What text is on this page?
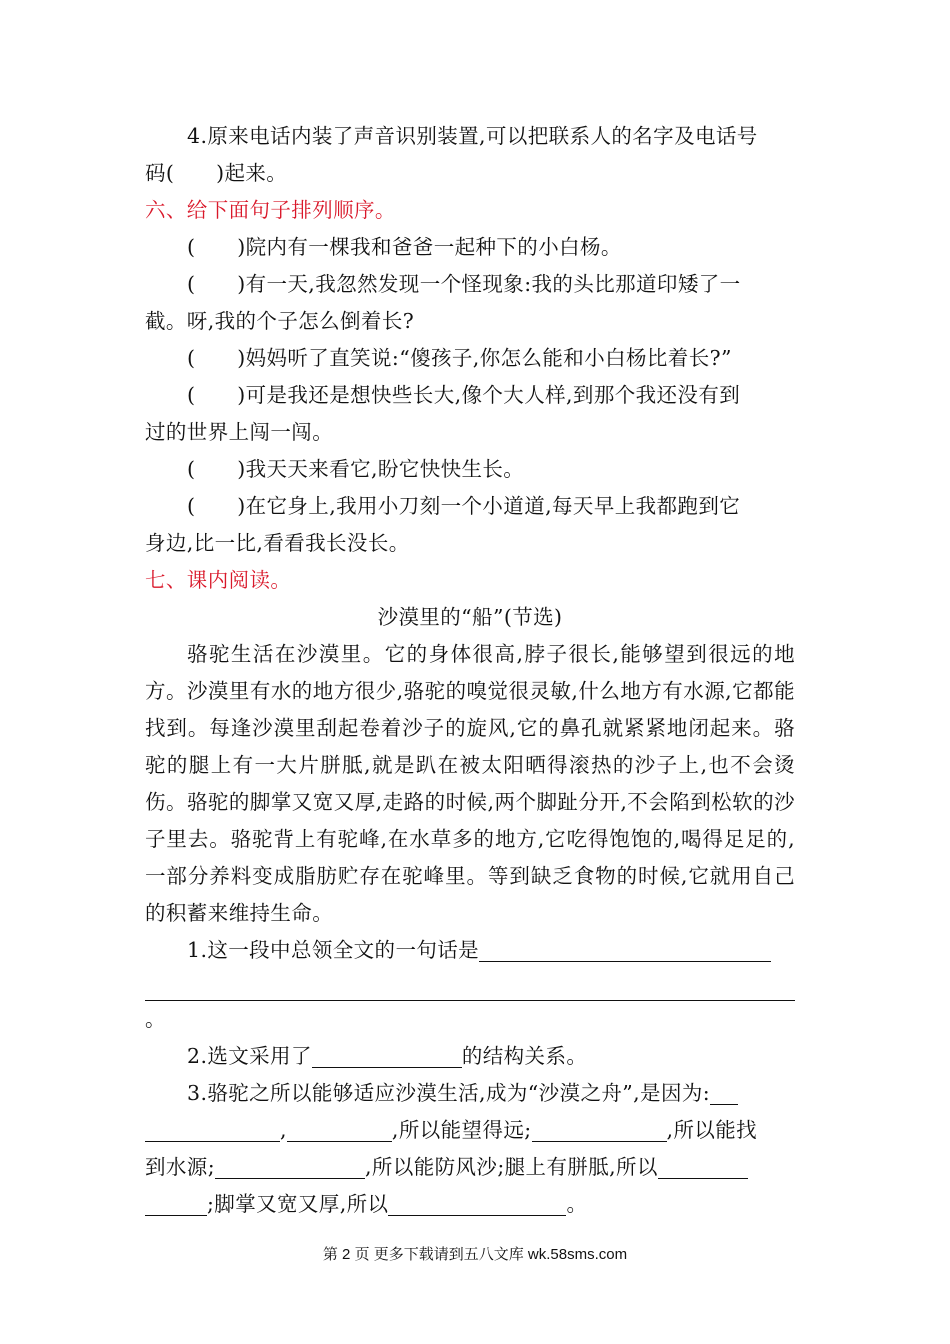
4.原来电话内装了声音识别装置,可以把联系人的名字及电话号

码(　　)起来。

六、给下面句子排列顺序。

(　　)院内有一棵我和爸爸一起种下的小白杨。

(　　)有一天,我忽然发现一个怪现象:我的头比那道印矮了一

截。呀,我的个子怎么倒着长?

(　　)妈妈听了直笑说:“傻孩子,你怎么能和小白杨比着长?”

(　　)可是我还是想快些长大,像个大人样,到那个我还没有到

过的世界上闯一闯。

(　　)我天天来看它,盼它快快生长。

(　　)在它身上,我用小刀刻一个小道道,每天早上我都跑到它

身边,比一比,看看我长没长。

七、课内阅读。

沙漠里的“船”(节选)

骆驼生活在沙漠里。它的身体很高,脖子很长,能够望到很远的地方。沙漠里有水的地方很少,骆驼的嗅觉很灵敏,什么地方有水源,它都能找到。每逢沙漠里刮起卷着沙子的旋风,它的鼻孔就紧紧地闭起来。骆驼的腿上有一大片胼胝,就是趴在被太阳晒得滚热的沙子上,也不会烫伤。骆驼的脚掌又宽又厚,走路的时候,两个脚趾分开,不会陷到松软的沙子里去。骆驼背上有驼峰,在水草多的地方,它吃得饱饱的,喝得足足的,一部分养料变成脂肪贮存在驼峰里。等到缺乏食物的时候,它就用自己的积蓄来维持生命。

1.这一段中总领全文的一句话是

。

2.选文采用了	的结构关系。

3.骆驼之所以能够适应沙漠生活,成为“沙漠之舟”,是因为:

,	,所以能望得远;	,所以能找

到水源;	,所以能防风沙;腿上有胼胝,所以

;脚掌又宽又厚,所以	。

第 2 页 更多下载请到五八文库 wk.58sms.com
